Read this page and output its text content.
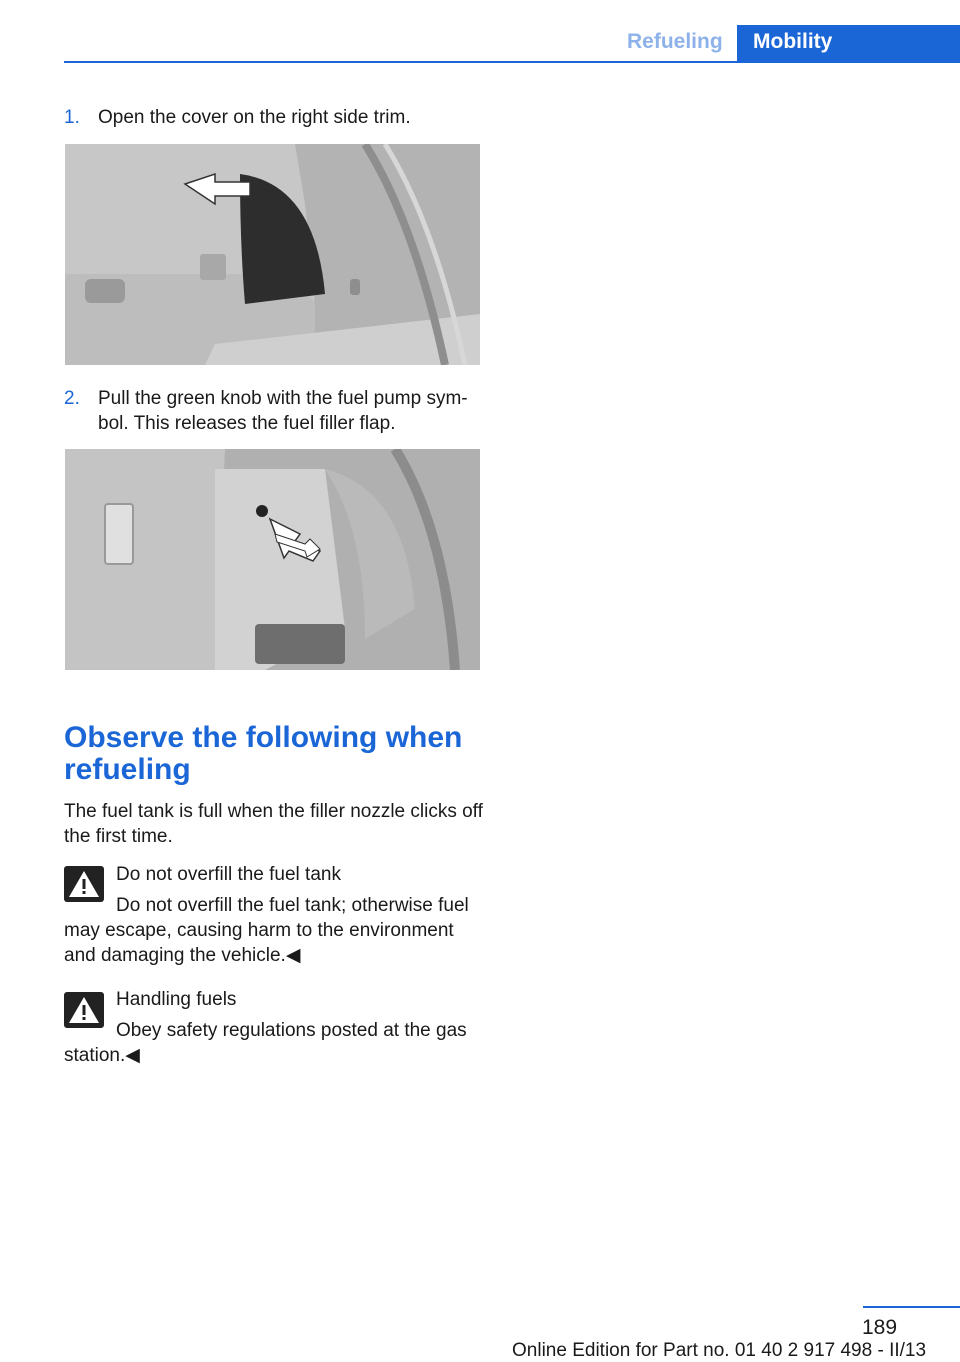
Refueling	Mobility
1. Open the cover on the right side trim.
2. Pull the green knob with the fuel pump sym‐bol. This releases the fuel filler flap.
Observe the following when refueling

The fuel tank is full when the filler nozzle clicks off the first time.

Do not overfill the fuel tank
Do not overfill the fuel tank; otherwise fuel may escape, causing harm to the environment and damaging the vehicle.◀
Handling fuels
Obey safety regulations posted at the gas station.◀
189
Online Edition for Part no. 01 40 2 917 498 - II/13
